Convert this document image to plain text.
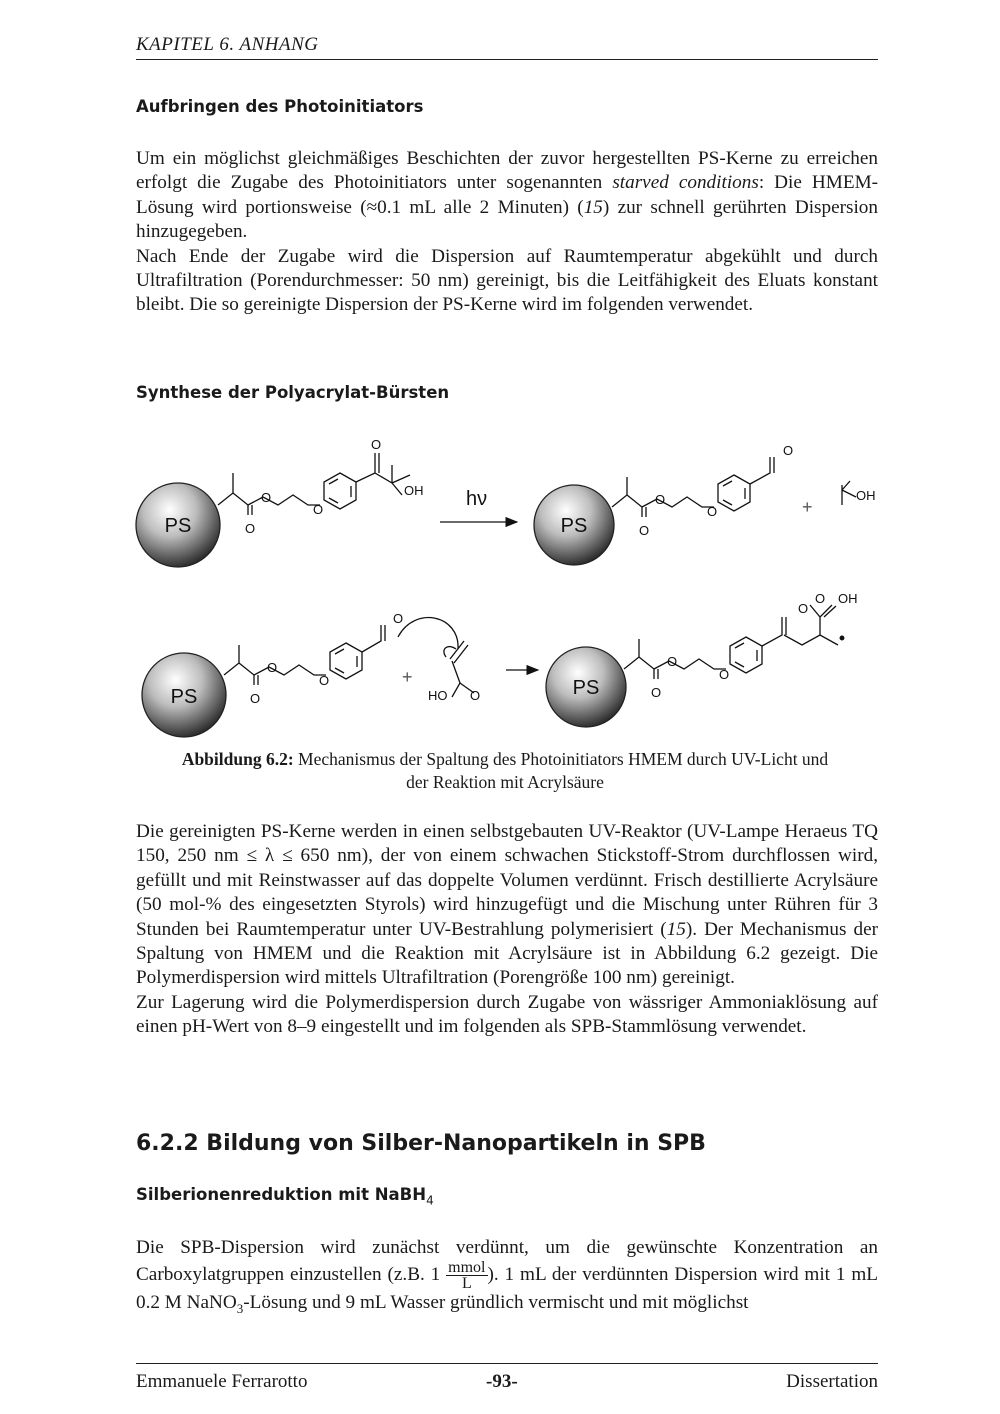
KAPITEL 6. ANHANG
Aufbringen des Photoinitiators

Um ein möglichst gleichmäßiges Beschichten der zuvor hergestellten PS-Kerne zu erreichen erfolgt die Zugabe des Photoinitiators unter sogenannten starved conditions: Die HMEM-Lösung wird portionsweise (≈0.1 mL alle 2 Minuten) (15) zur schnell gerührten Dispersion hinzugegeben.

Nach Ende der Zugabe wird die Dispersion auf Raumtemperatur abgekühlt und durch Ultrafiltration (Porendurchmesser: 50 nm) gereinigt, bis die Leitfähigkeit des Eluats konstant bleibt. Die so gereinigte Dispersion der PS-Kerne wird im folgenden verwendet.

Synthese der Polyacrylat-Bürsten
PS	O
O
O
O
OH hν
PS	O
O
O
O
+
OH
PS	O
O
O
O
+
HO O	PS	O
O
O
O
O OH
Abbildung 6.2: Mechanismus der Spaltung des Photoinitiators HMEM durch UV-Licht und der Reaktion mit Acrylsäure

Die gereinigten PS-Kerne werden in einen selbstgebauten UV-Reaktor (UV-Lampe Heraeus TQ 150, 250 nm ≤ λ ≤ 650 nm), der von einem schwachen Stickstoff-Strom durchflossen wird, gefüllt und mit Reinstwasser auf das doppelte Volumen verdünnt. Frisch destillierte Acrylsäure (50 mol-% des eingesetzten Styrols) wird hinzugefügt und die Mischung unter Rühren für 3 Stunden bei Raumtemperatur unter UV-Bestrahlung polymerisiert (15). Der Mechanismus der Spaltung von HMEM und die Reaktion mit Acrylsäure ist in Abbildung 6.2 gezeigt. Die Polymerdispersion wird mittels Ultrafiltration (Porengröße 100 nm) gereinigt.

Zur Lagerung wird die Polymerdispersion durch Zugabe von wässriger Ammoniaklösung auf einen pH-Wert von 8–9 eingestellt und im folgenden als SPB-Stammlösung verwendet.

6.2.2 Bildung von Silber-Nanopartikeln in SPB
Silberionenreduktion mit NaBH$_4$

Die SPB-Dispersion wird zunächst verdünnt, um die gewünschte Konzentration an Carboxylatgruppen einzustellen (z.B. $1 \frac{\text{mmol}}{L}$ ). 1 mL der verdünnten Dispersion wird mit 1 mL 0.2 M NaNO$_3$-Lösung und 9 mL Wasser gründlich vermischt und mit möglichst

Emmanuele Ferrarotto	-93-	Dissertation
